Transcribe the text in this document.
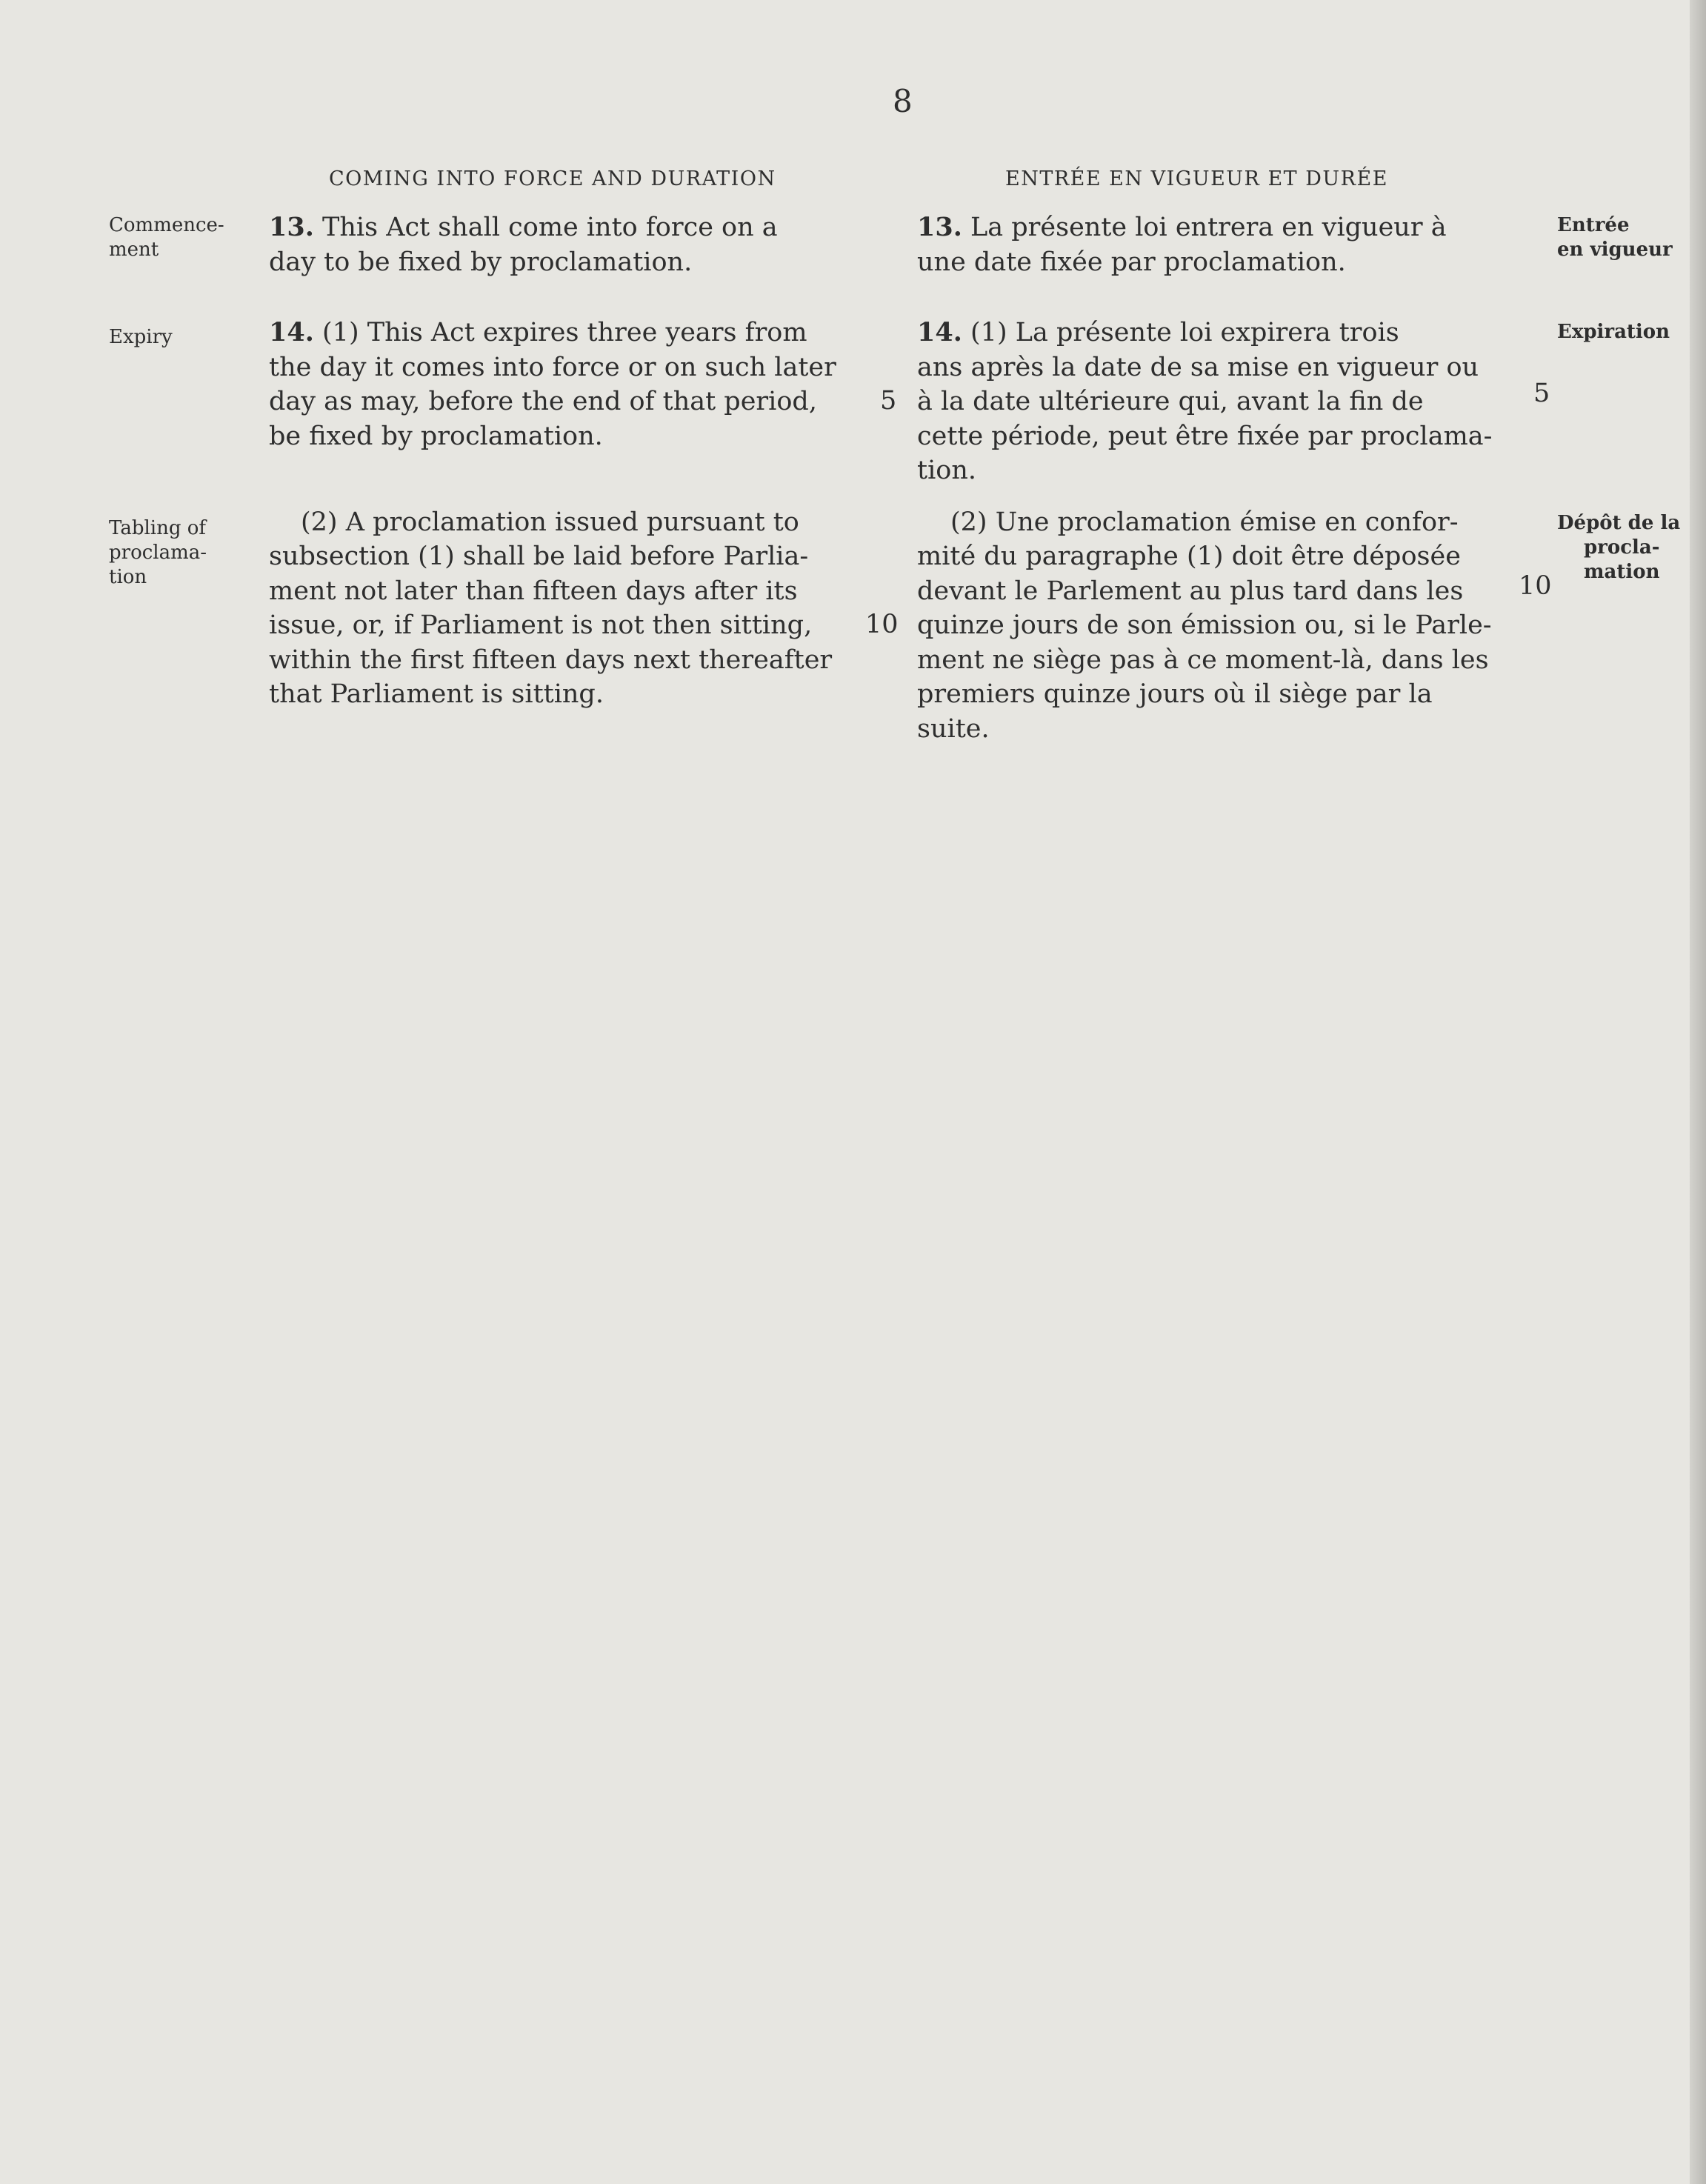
8
COMING INTO FORCE AND DURATION	ENTRÉE EN VIGUEUR ET DURÉE
Commence-
ment
13. This Act shall come into force on a
day to be fixed by proclamation.
13. La présente loi entrera en vigueur à
une date fixée par proclamation.
Entrée
en vigueur
Expiry	14. (1) This Act expires three years from
the day it comes into force or on such later
day as may, before the end of that period,
be fixed by proclamation.
5
14. (1) La présente loi expirera trois
ans après la date de sa mise en vigueur ou
à la date ultérieure qui, avant la fin de
cette période, peut être fixée par proclama-
tion.
Expiration
5
Tabling of
proclama-
tion
(2) A proclamation issued pursuant to
subsection (1) shall be laid before Parlia-
ment not later than fifteen days after its
issue, or, if Parliament is not then sitting,
within the first fifteen days next thereafter
that Parliament is sitting.
10
(2) Une proclamation émise en confor-
mité du paragraphe (1) doit être déposée
devant le Parlement au plus tard dans les
quinze jours de son émission ou, si le Parle-
ment ne siège pas à ce moment-là, dans les
premiers quinze jours où il siège par la
suite.
Dépôt de la
procla-
mation
10
